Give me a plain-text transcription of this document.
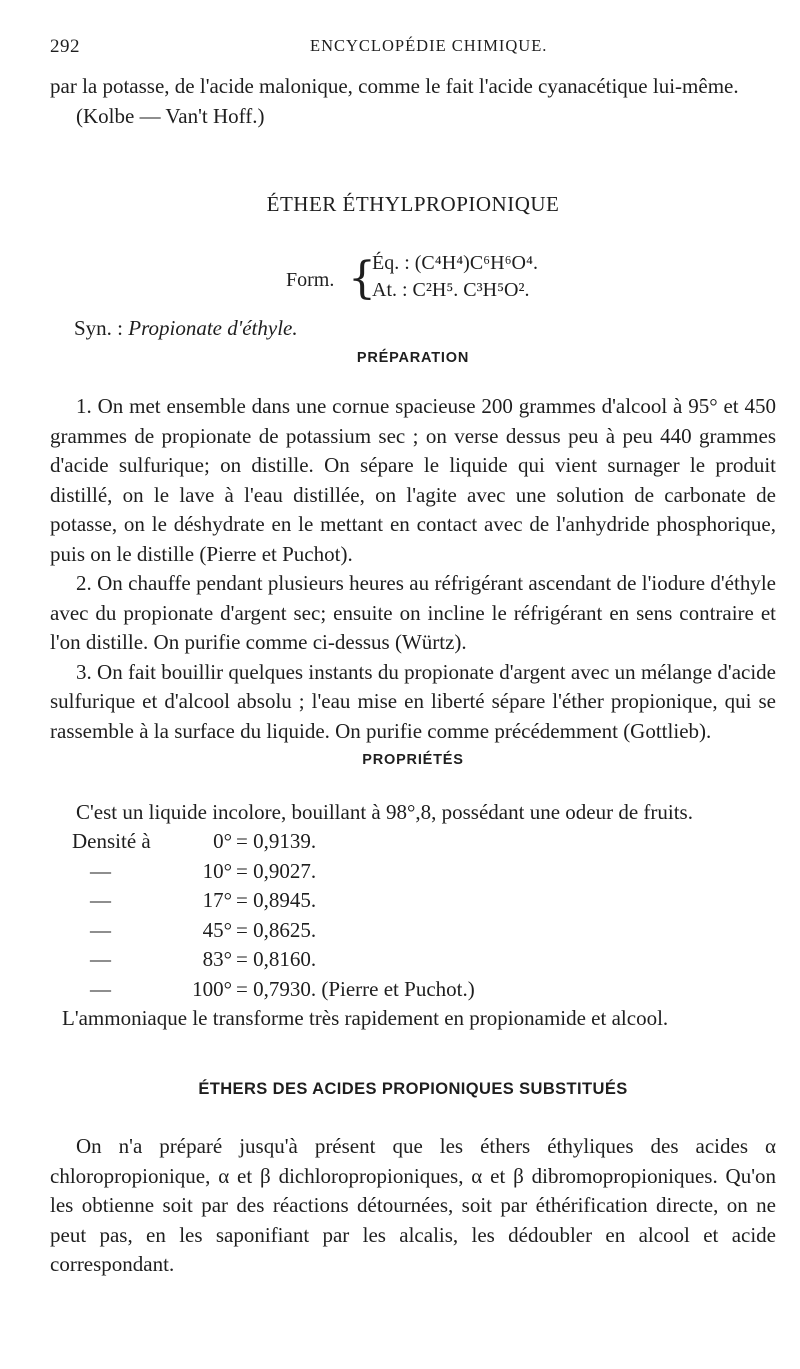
292	ENCYCLOPÉDIE CHIMIQUE.

par la potasse, de l'acide malonique, comme le fait l'acide cyanacétique lui-même.

(Kolbe — Van't Hoff.)

ÉTHER ÉTHYLPROPIONIQUE
Form. {
Éq. : (C⁴H⁴)C⁶H⁶O⁴.
At. : C²H⁵. C³H⁵O².
Syn. : Propionate d'éthyle.
PRÉPARATION

1. On met ensemble dans une cornue spacieuse 200 grammes d'alcool à 95° et 450 grammes de propionate de potassium sec ; on verse dessus peu à peu 440 grammes d'acide sulfurique; on distille. On sépare le liquide qui vient surnager le produit distillé, on le lave à l'eau distillée, on l'agite avec une solution de carbonate de potasse, on le déshydrate en le mettant en contact avec de l'anhydride phosphorique, puis on le distille (Pierre et Puchot).

2. On chauffe pendant plusieurs heures au réfrigérant ascendant de l'iodure d'éthyle avec du propionate d'argent sec; ensuite on incline le réfrigérant en sens contraire et l'on distille. On purifie comme ci-dessus (Würtz).

3. On fait bouillir quelques instants du propionate d'argent avec un mélange d'acide sulfurique et d'alcool absolu ; l'eau mise en liberté sépare l'éther propionique, qui se rassemble à la surface du liquide. On purifie comme précédemment (Gottlieb).

PROPRIÉTÉS

C'est un liquide incolore, bouillant à 98°,8, possédant une odeur de fruits.

Densité à	0° = 0,9139.
—	10° = 0,9027.
—	17° = 0,8945.
—	45° = 0,8625.
—	83° = 0,8160.
—	100° = 0,7930. (Pierre et Puchot.)

L'ammoniaque le transforme très rapidement en propionamide et alcool.

ÉTHERS DES ACIDES PROPIONIQUES SUBSTITUÉS

On n'a préparé jusqu'à présent que les éthers éthyliques des acides α chloropropionique, α et β dichloropropioniques, α et β dibromopropioniques. Qu'on les obtienne soit par des réactions détournées, soit par éthérification directe, on ne peut pas, en les saponifiant par les alcalis, les dédoubler en alcool et acide correspondant.
